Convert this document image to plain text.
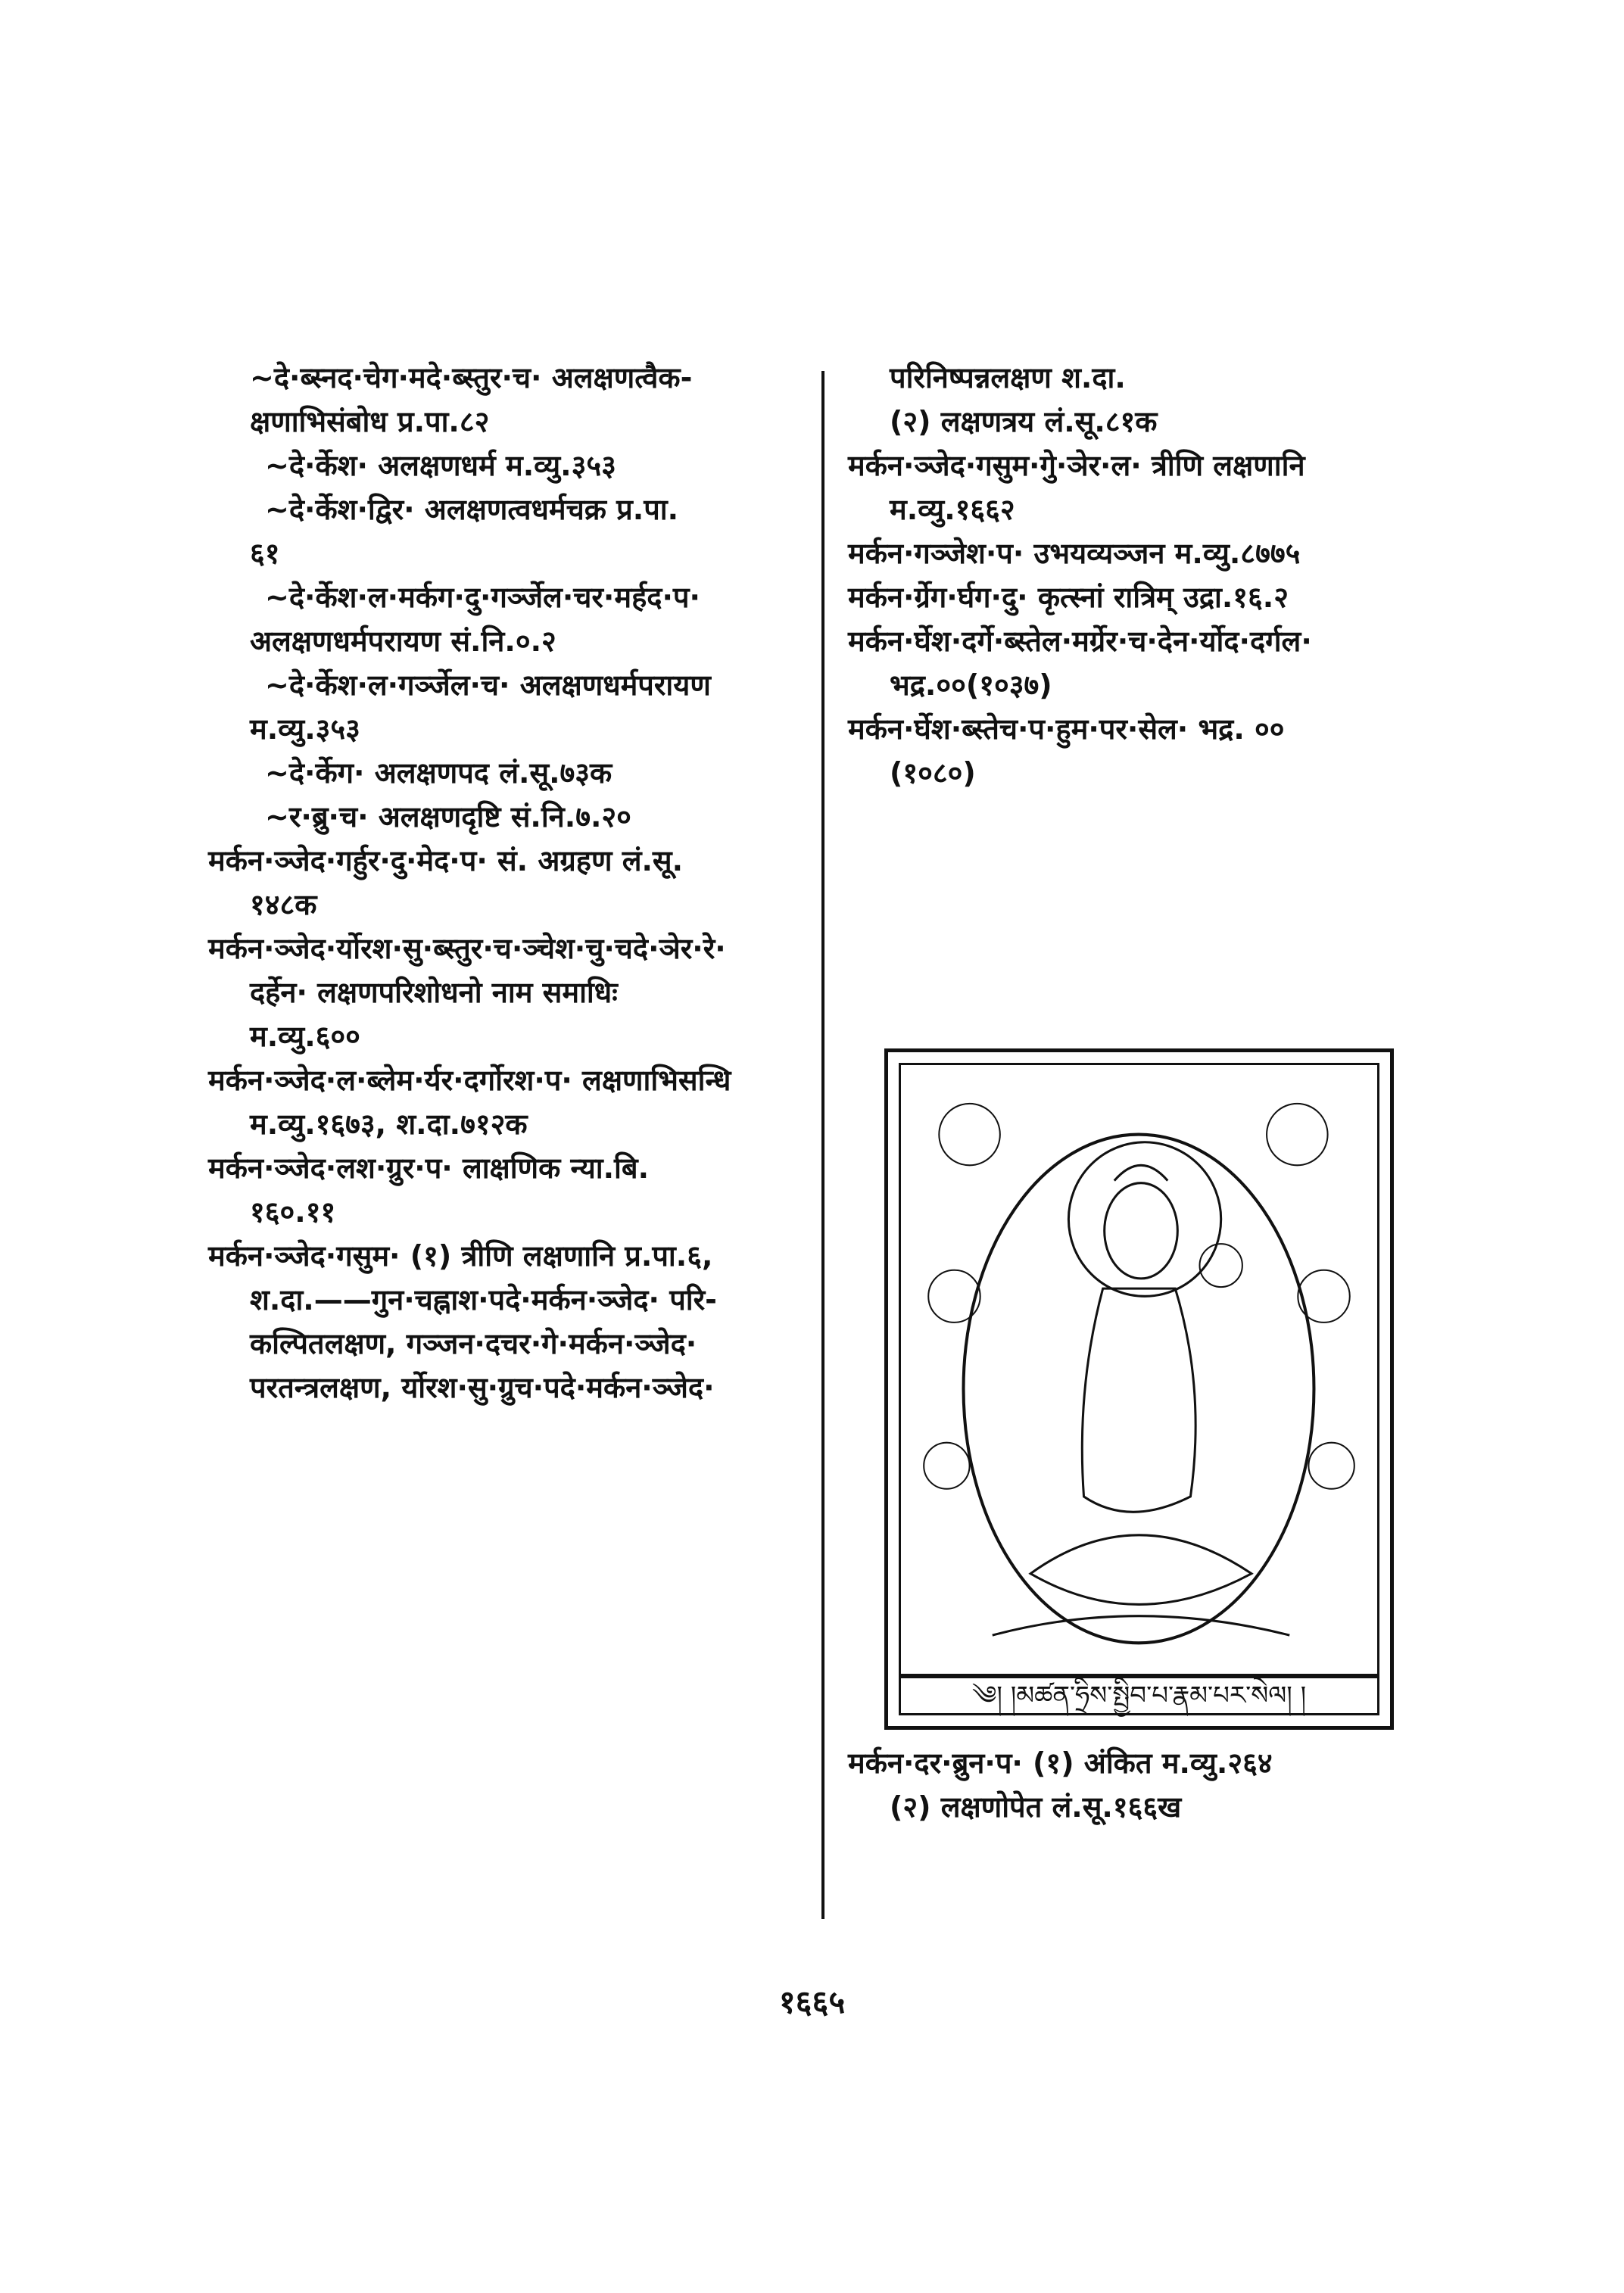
~दे·ब्स्नद·चेग·मदे·ब्स्तुर·च· अलक्षणत्वैक-
क्षणाभिसंबोध प्र.पा.८२
~दे·र्केश· अलक्षणधर्म म.व्यु.३५३
~दे·र्केश·द्विर· अलक्षणत्वधर्मचक्र प्र.पा.
६१
~दे·र्केश·ल·मर्कग·दु·गर्ञ्जेल·चर·मर्हद·प·
अलक्षणधर्मपरायण सं.नि.०.२
~दे·र्केश·ल·गर्ञ्जेल·च· अलक्षणधर्मपरायण
म.व्यु.३५३
~दे·र्केग· अलक्षणपद लं.सू.७३क
~र·ब्रु·च· अलक्षणदृष्टि सं.नि.७.२०
मर्कन·ञ्जेद·गर्हुर·दु·मेद·प· सं. अग्रहण लं.सू.
१४८क
मर्कन·ञ्जेद·र्योरश·सु·ब्स्तुर·च·ञ्चेश·चु·चदे·ञेर·रे·
दर्हेन· लक्षणपरिशोधनो नाम समाधिः
म.व्यु.६००
मर्कन·ञ्जेद·ल·ब्लेम·र्यर·दर्गोरश·प· लक्षणाभिसन्धि
म.व्यु.१६७३, श.दा.७१२क
मर्कन·ञ्जेद·लश·ग्रुर·प· लाक्षणिक न्या.बि.
१६०.११
मर्कन·ञ्जेद·गसुम· (१) त्रीणि लक्षणानि प्र.पा.६,
श.दा.——गुन·चह्नाश·पदे·मर्कन·ञ्जेद· परि-
कल्पितलक्षण, गञ्जन·दचर·गे·मर्कन·ञ्जेद·
परतन्त्रलक्षण, र्योरश·सु·ग्रुच·पदे·मर्कन·ञ्जेद·
परिनिष्पन्नलक्षण श.दा.
(२) लक्षणत्रय लं.सू.८१क
मर्कन·ञ्जेद·गसुम·गुे·ञेर·ल· त्रीणि लक्षणानि
म.व्यु.१६६२
मर्कन·गञ्जेश·प· उभयव्यञ्जन म.व्यु.८७७५
मर्कन·र्ग्रेग·र्घग·दु· कृत्स्नां रात्रिम् उद्रा.१६.२
मर्कन·र्घेश·दर्गे·ब्स्तेल·मर्ग्रेर·च·देन·र्योद·दर्गल·
भद्र.००(१०३७)
मर्कन·र्घेश·ब्स्तेच·प·हुम·पर·सेल· भद्र. ००
(१०८०)
༄། །མཚན་ཧྲིས་སྤྱིབ་པ་རྣམ་པར་སེལ། །
मर्कन·दर·ब्रुन·प· (१) अंकित म.व्यु.२६४
(२) लक्षणोपेत लं.सू.१६६ख
१६६५
